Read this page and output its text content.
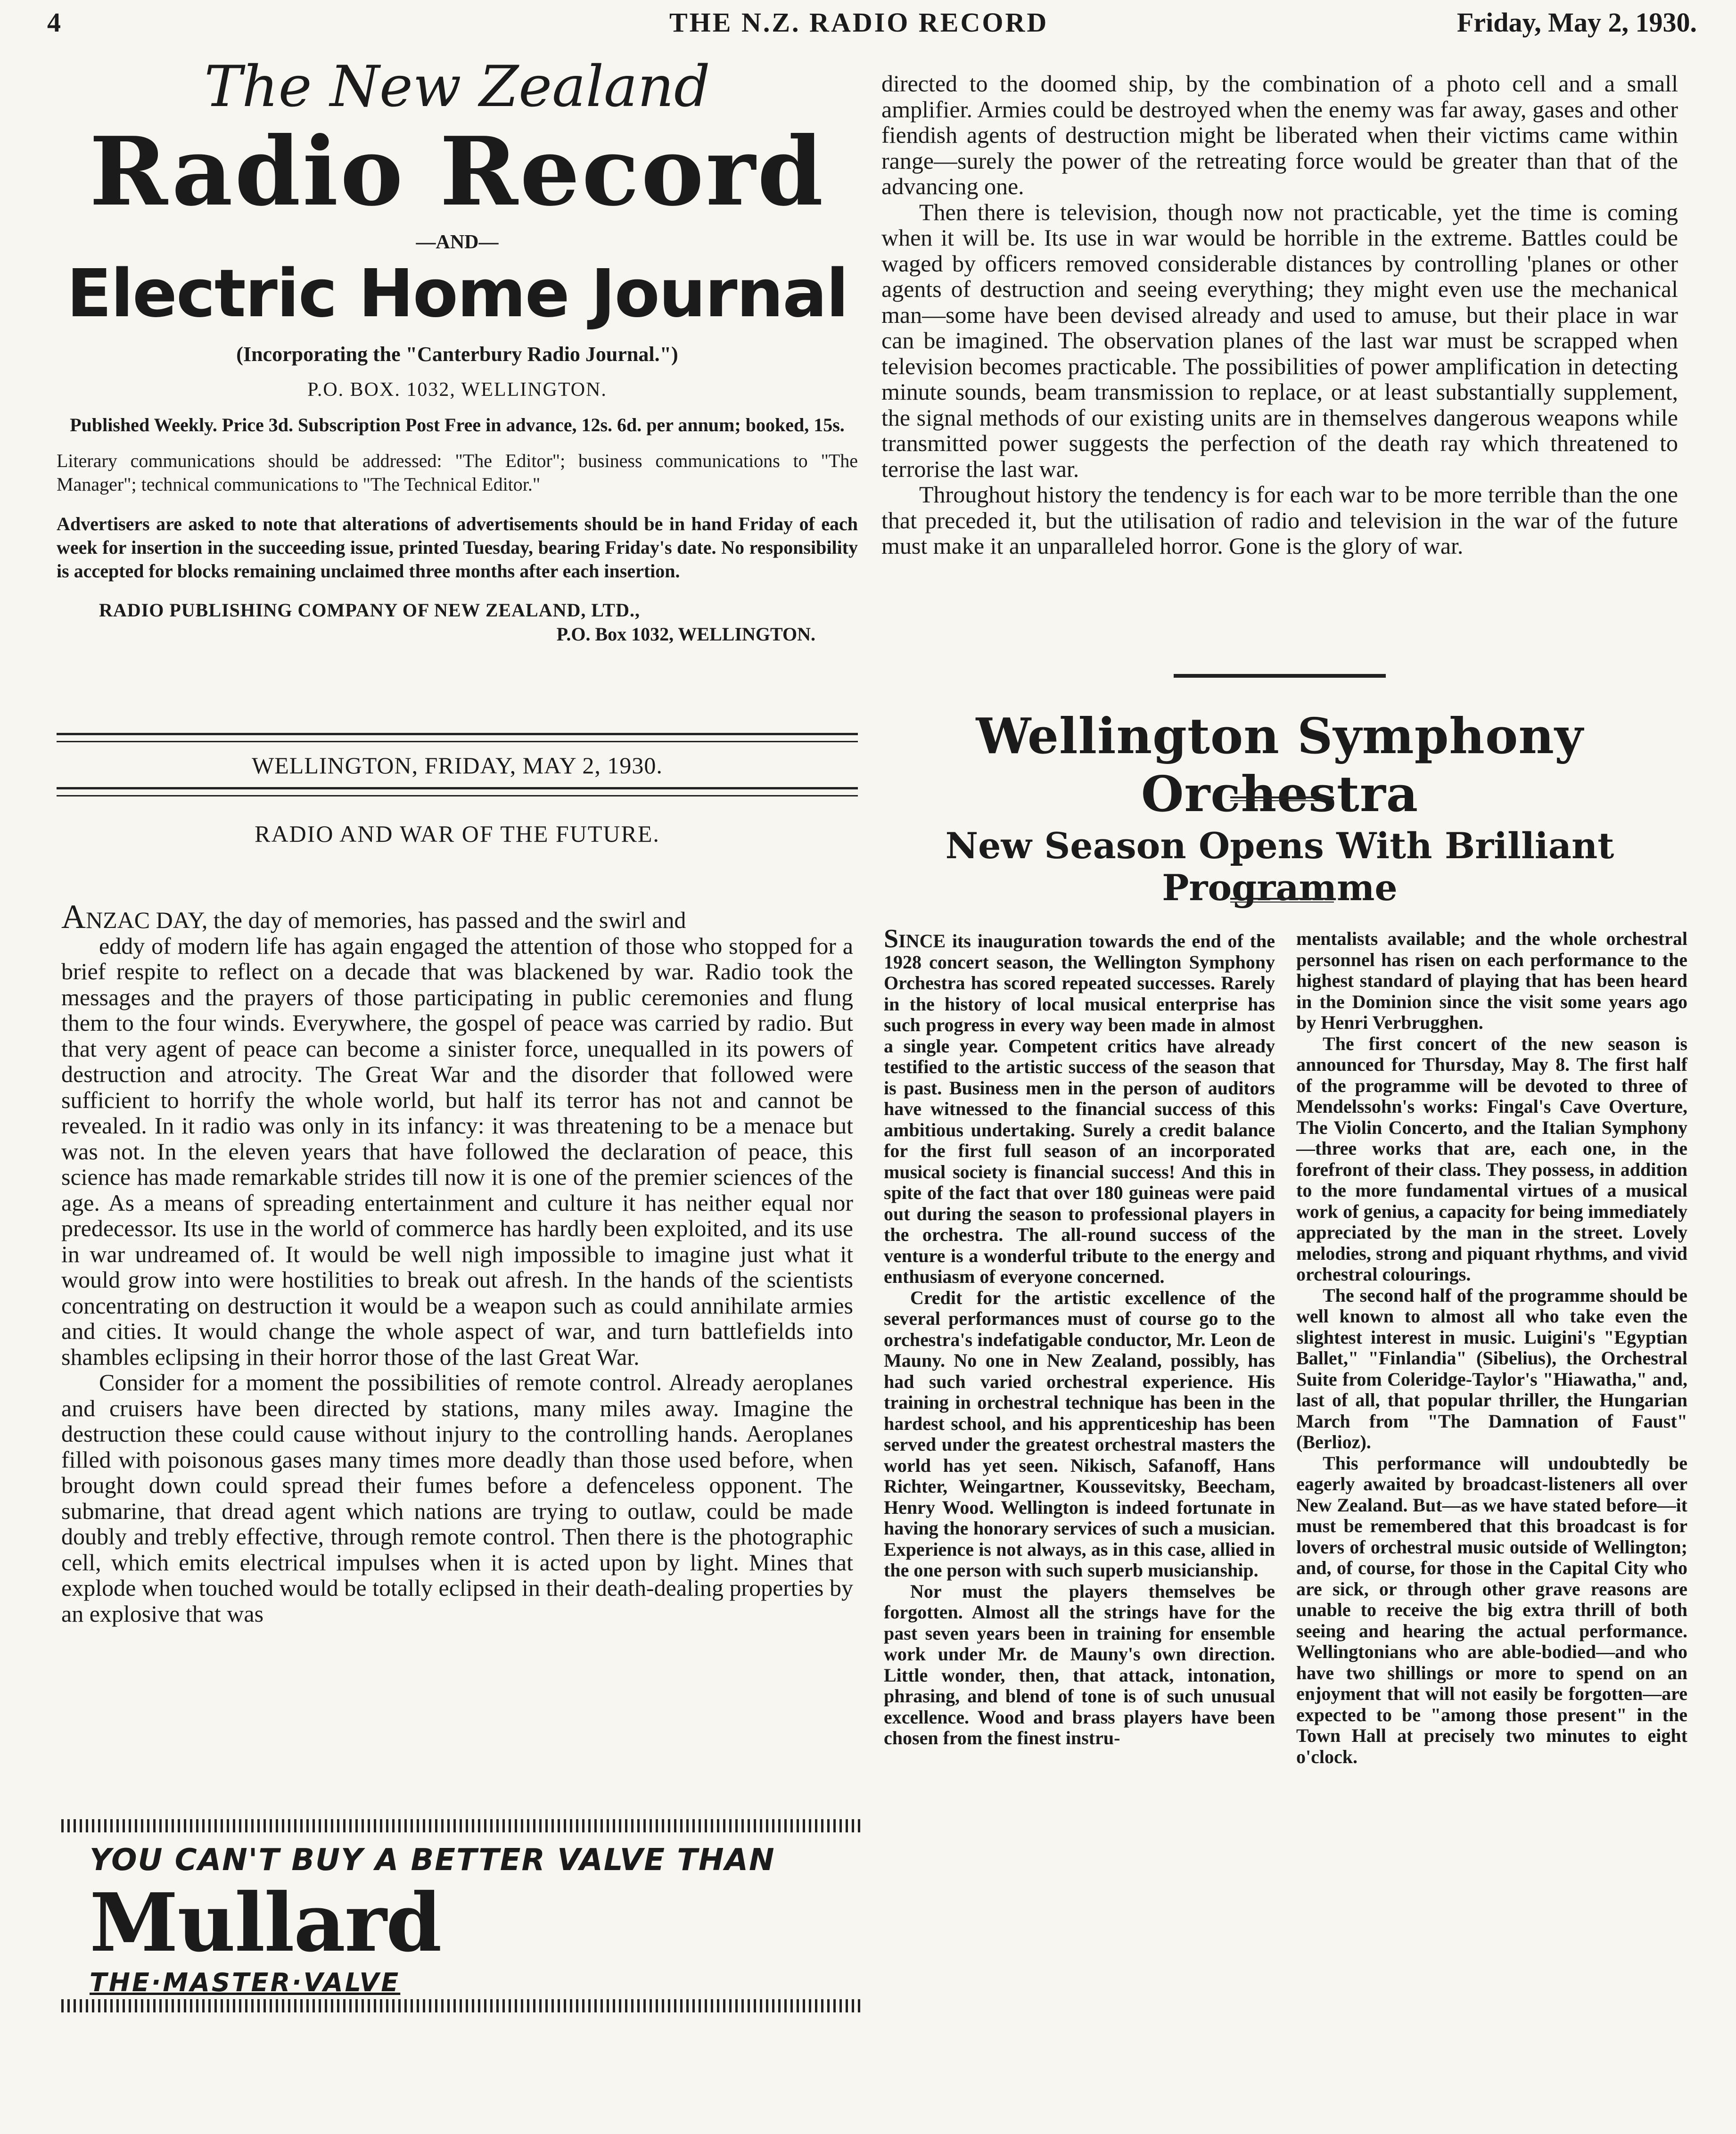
4	THE N.Z. RADIO RECORD	Friday, May 2, 1930.

The New Zealand

Radio Record

—AND—

Electric Home Journal

(Incorporating the "Canterbury Radio Journal.")

P.O. BOX. 1032, WELLINGTON.

Published Weekly. Price 3d. Subscription Post Free in advance, 12s. 6d. per annum; booked, 15s.

Literary communications should be addressed: "The Editor"; business communications to "The Manager"; technical communications to "The Technical Editor."

Advertisers are asked to note that alterations of advertisements should be in hand Friday of each week for insertion in the succeeding issue, printed Tuesday, bearing Friday's date. No responsibility is accepted for blocks remaining unclaimed three months after each insertion.

RADIO PUBLISHING COMPANY OF NEW ZEALAND, LTD.,

P.O. Box 1032, WELLINGTON.

WELLINGTON, FRIDAY, MAY 2, 1930.
RADIO AND WAR OF THE FUTURE.

ANZAC DAY, the day of memories, has passed and the swirl and
eddy of modern life has again engaged the attention of those who stopped for a brief respite to reflect on a decade that was blackened by war. Radio took the messages and the prayers of those participating in public ceremonies and flung them to the four winds. Everywhere, the gospel of peace was carried by radio. But that very agent of peace can become a sinister force, unequalled in its powers of destruction and atrocity. The Great War and the disorder that followed were sufficient to horrify the whole world, but half its terror has not and cannot be revealed. In it radio was only in its infancy: it was threatening to be a menace but was not. In the eleven years that have followed the declaration of peace, this science has made remarkable strides till now it is one of the premier sciences of the age. As a means of spreading entertainment and culture it has neither equal nor predecessor. Its use in the world of commerce has hardly been exploited, and its use in war undreamed of. It would be well nigh impossible to imagine just what it would grow into were hostilities to break out afresh. In the hands of the scientists concentrating on destruction it would be a weapon such as could annihilate armies and cities. It would change the whole aspect of war, and turn battlefields into shambles eclipsing in their horror those of the last Great War.

Consider for a moment the possibilities of remote control. Already aeroplanes and cruisers have been directed by stations, many miles away. Imagine the destruction these could cause without injury to the controlling hands. Aeroplanes filled with poisonous gases many times more deadly than those used before, when brought down could spread their fumes before a defenceless opponent. The submarine, that dread agent which nations are trying to outlaw, could be made doubly and trebly effective, through remote control. Then there is the photographic cell, which emits electrical impulses when it is acted upon by light. Mines that explode when touched would be totally eclipsed in their death-dealing properties by an explosive that was

YOU CAN'T BUY A BETTER VALVE THAN
Mullard
THE·MASTER·VALVE

directed to the doomed ship, by the combination of a photo cell and a small amplifier. Armies could be destroyed when the enemy was far away, gases and other fiendish agents of destruction might be liberated when their victims came within range—surely the power of the retreating force would be greater than that of the advancing one.

Then there is television, though now not practicable, yet the time is coming when it will be. Its use in war would be horrible in the extreme. Battles could be waged by officers removed considerable distances by controlling 'planes or other agents of destruction and seeing everything; they might even use the mechanical man—some have been devised already and used to amuse, but their place in war can be imagined. The observation planes of the last war must be scrapped when television becomes practicable. The possibilities of power amplification in detecting minute sounds, beam transmission to replace, or at least substantially supplement, the signal methods of our existing units are in themselves dangerous weapons while transmitted power suggests the perfection of the death ray which threatened to terrorise the last war.

Throughout history the tendency is for each war to be more terrible than the one that preceded it, but the utilisation of radio and television in the war of the future must make it an unparalleled horror. Gone is the glory of war.

Wellington Symphony Orchestra
New Season Opens With Brilliant Programme

SINCE its inauguration towards the end of the 1928 concert season, the Wellington Symphony Orchestra has scored repeated successes. Rarely in the history of local musical enterprise has such progress in every way been made in almost a single year. Competent critics have already testified to the artistic success of the season that is past. Business men in the person of auditors have witnessed to the financial success of this ambitious undertaking. Surely a credit balance for the first full season of an incorporated musical society is financial success! And this in spite of the fact that over 180 guineas were paid out during the season to professional players in the orchestra. The all-round success of the venture is a wonderful tribute to the energy and enthusiasm of everyone concerned.

Credit for the artistic excellence of the several performances must of course go to the orchestra's indefatigable conductor, Mr. Leon de Mauny. No one in New Zealand, possibly, has had such varied orchestral experience. His training in orchestral technique has been in the hardest school, and his apprenticeship has been served under the greatest orchestral masters the world has yet seen. Nikisch, Safanoff, Hans Richter, Weingartner, Koussevitsky, Beecham, Henry Wood. Wellington is indeed fortunate in having the honorary services of such a musician. Experience is not always, as in this case, allied in the one person with such superb musicianship.

Nor must the players themselves be forgotten. Almost all the strings have for the past seven years been in training for ensemble work under Mr. de Mauny's own direction. Little wonder, then, that attack, intonation, phrasing, and blend of tone is of such unusual excellence. Wood and brass players have been chosen from the finest instru-

mentalists available; and the whole orchestral personnel has risen on each performance to the highest standard of playing that has been heard in the Dominion since the visit some years ago by Henri Verbrugghen.

The first concert of the new season is announced for Thursday, May 8. The first half of the programme will be devoted to three of Mendelssohn's works: Fingal's Cave Overture, The Violin Concerto, and the Italian Symphony—three works that are, each one, in the forefront of their class. They possess, in addition to the more fundamental virtues of a musical work of genius, a capacity for being immediately appreciated by the man in the street. Lovely melodies, strong and piquant rhythms, and vivid orchestral colourings.

The second half of the programme should be well known to almost all who take even the slightest interest in music. Luigini's "Egyptian Ballet," "Finlandia" (Sibelius), the Orchestral Suite from Coleridge-Taylor's "Hiawatha," and, last of all, that popular thriller, the Hungarian March from "The Damnation of Faust" (Berlioz).

This performance will undoubtedly be eagerly awaited by broadcast-listeners all over New Zealand. But—as we have stated before—it must be remembered that this broadcast is for lovers of orchestral music outside of Wellington; and, of course, for those in the Capital City who are sick, or through other grave reasons are unable to receive the big extra thrill of both seeing and hearing the actual performance. Wellingtonians who are able-bodied—and who have two shillings or more to spend on an enjoyment that will not easily be forgotten—are expected to be "among those present" in the Town Hall at precisely two minutes to eight o'clock.
